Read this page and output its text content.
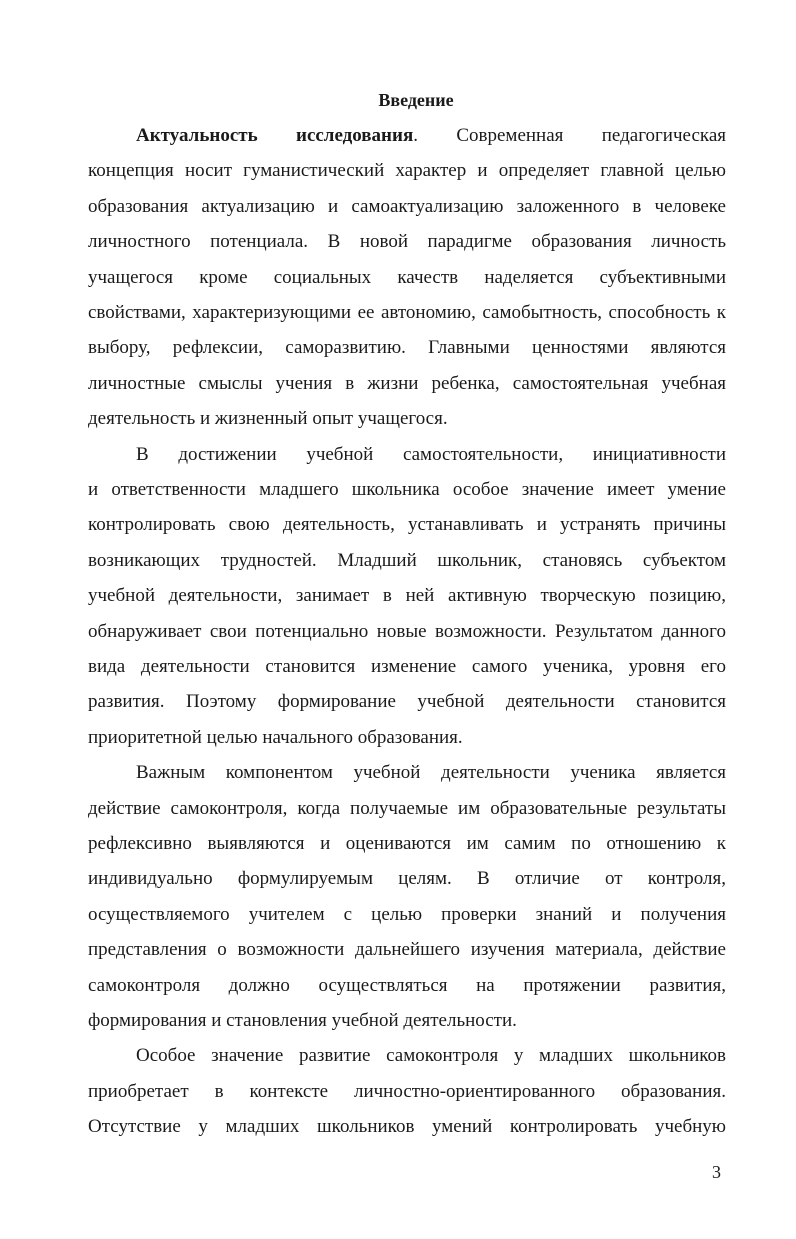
Введение
Актуальность исследования. Современная педагогическая
концепция носит гуманистический характер и определяет главной целью
образования актуализацию и самоактуализацию заложенного в человеке
личностного потенциала. В новой парадигме образования личность
учащегося кроме социальных качеств наделяется субъективными
свойствами, характеризующими ее автономию, самобытность, способность к
выбору, рефлексии, саморазвитию. Главными ценностями являются
личностные смыслы учения в жизни ребенка, самостоятельная учебная
деятельность и жизненный опыт учащегося.
В достижении учебной самостоятельности, инициативности
и ответственности младшего школьника особое значение имеет умение
контролировать свою деятельность, устанавливать и устранять причины
возникающих трудностей. Младший школьник, становясь субъектом
учебной деятельности, занимает в ней активную творческую позицию,
обнаруживает свои потенциально новые возможности. Результатом данного
вида деятельности становится изменение самого ученика, уровня его
развития. Поэтому формирование учебной деятельности становится
приоритетной целью начального образования.
Важным компонентом учебной деятельности ученика является
действие самоконтроля, когда получаемые им образовательные результаты
рефлексивно выявляются и оцениваются им самим по отношению к
индивидуально формулируемым целям. В отличие от контроля,
осуществляемого учителем с целью проверки знаний и получения
представления о возможности дальнейшего изучения материала, действие
самоконтроля должно осуществляться на протяжении развития,
формирования и становления учебной деятельности.
Особое значение развитие самоконтроля у младших школьников
приобретает в контексте личностно-ориентированного образования.
Отсутствие у младших школьников умений контролировать учебную
3
